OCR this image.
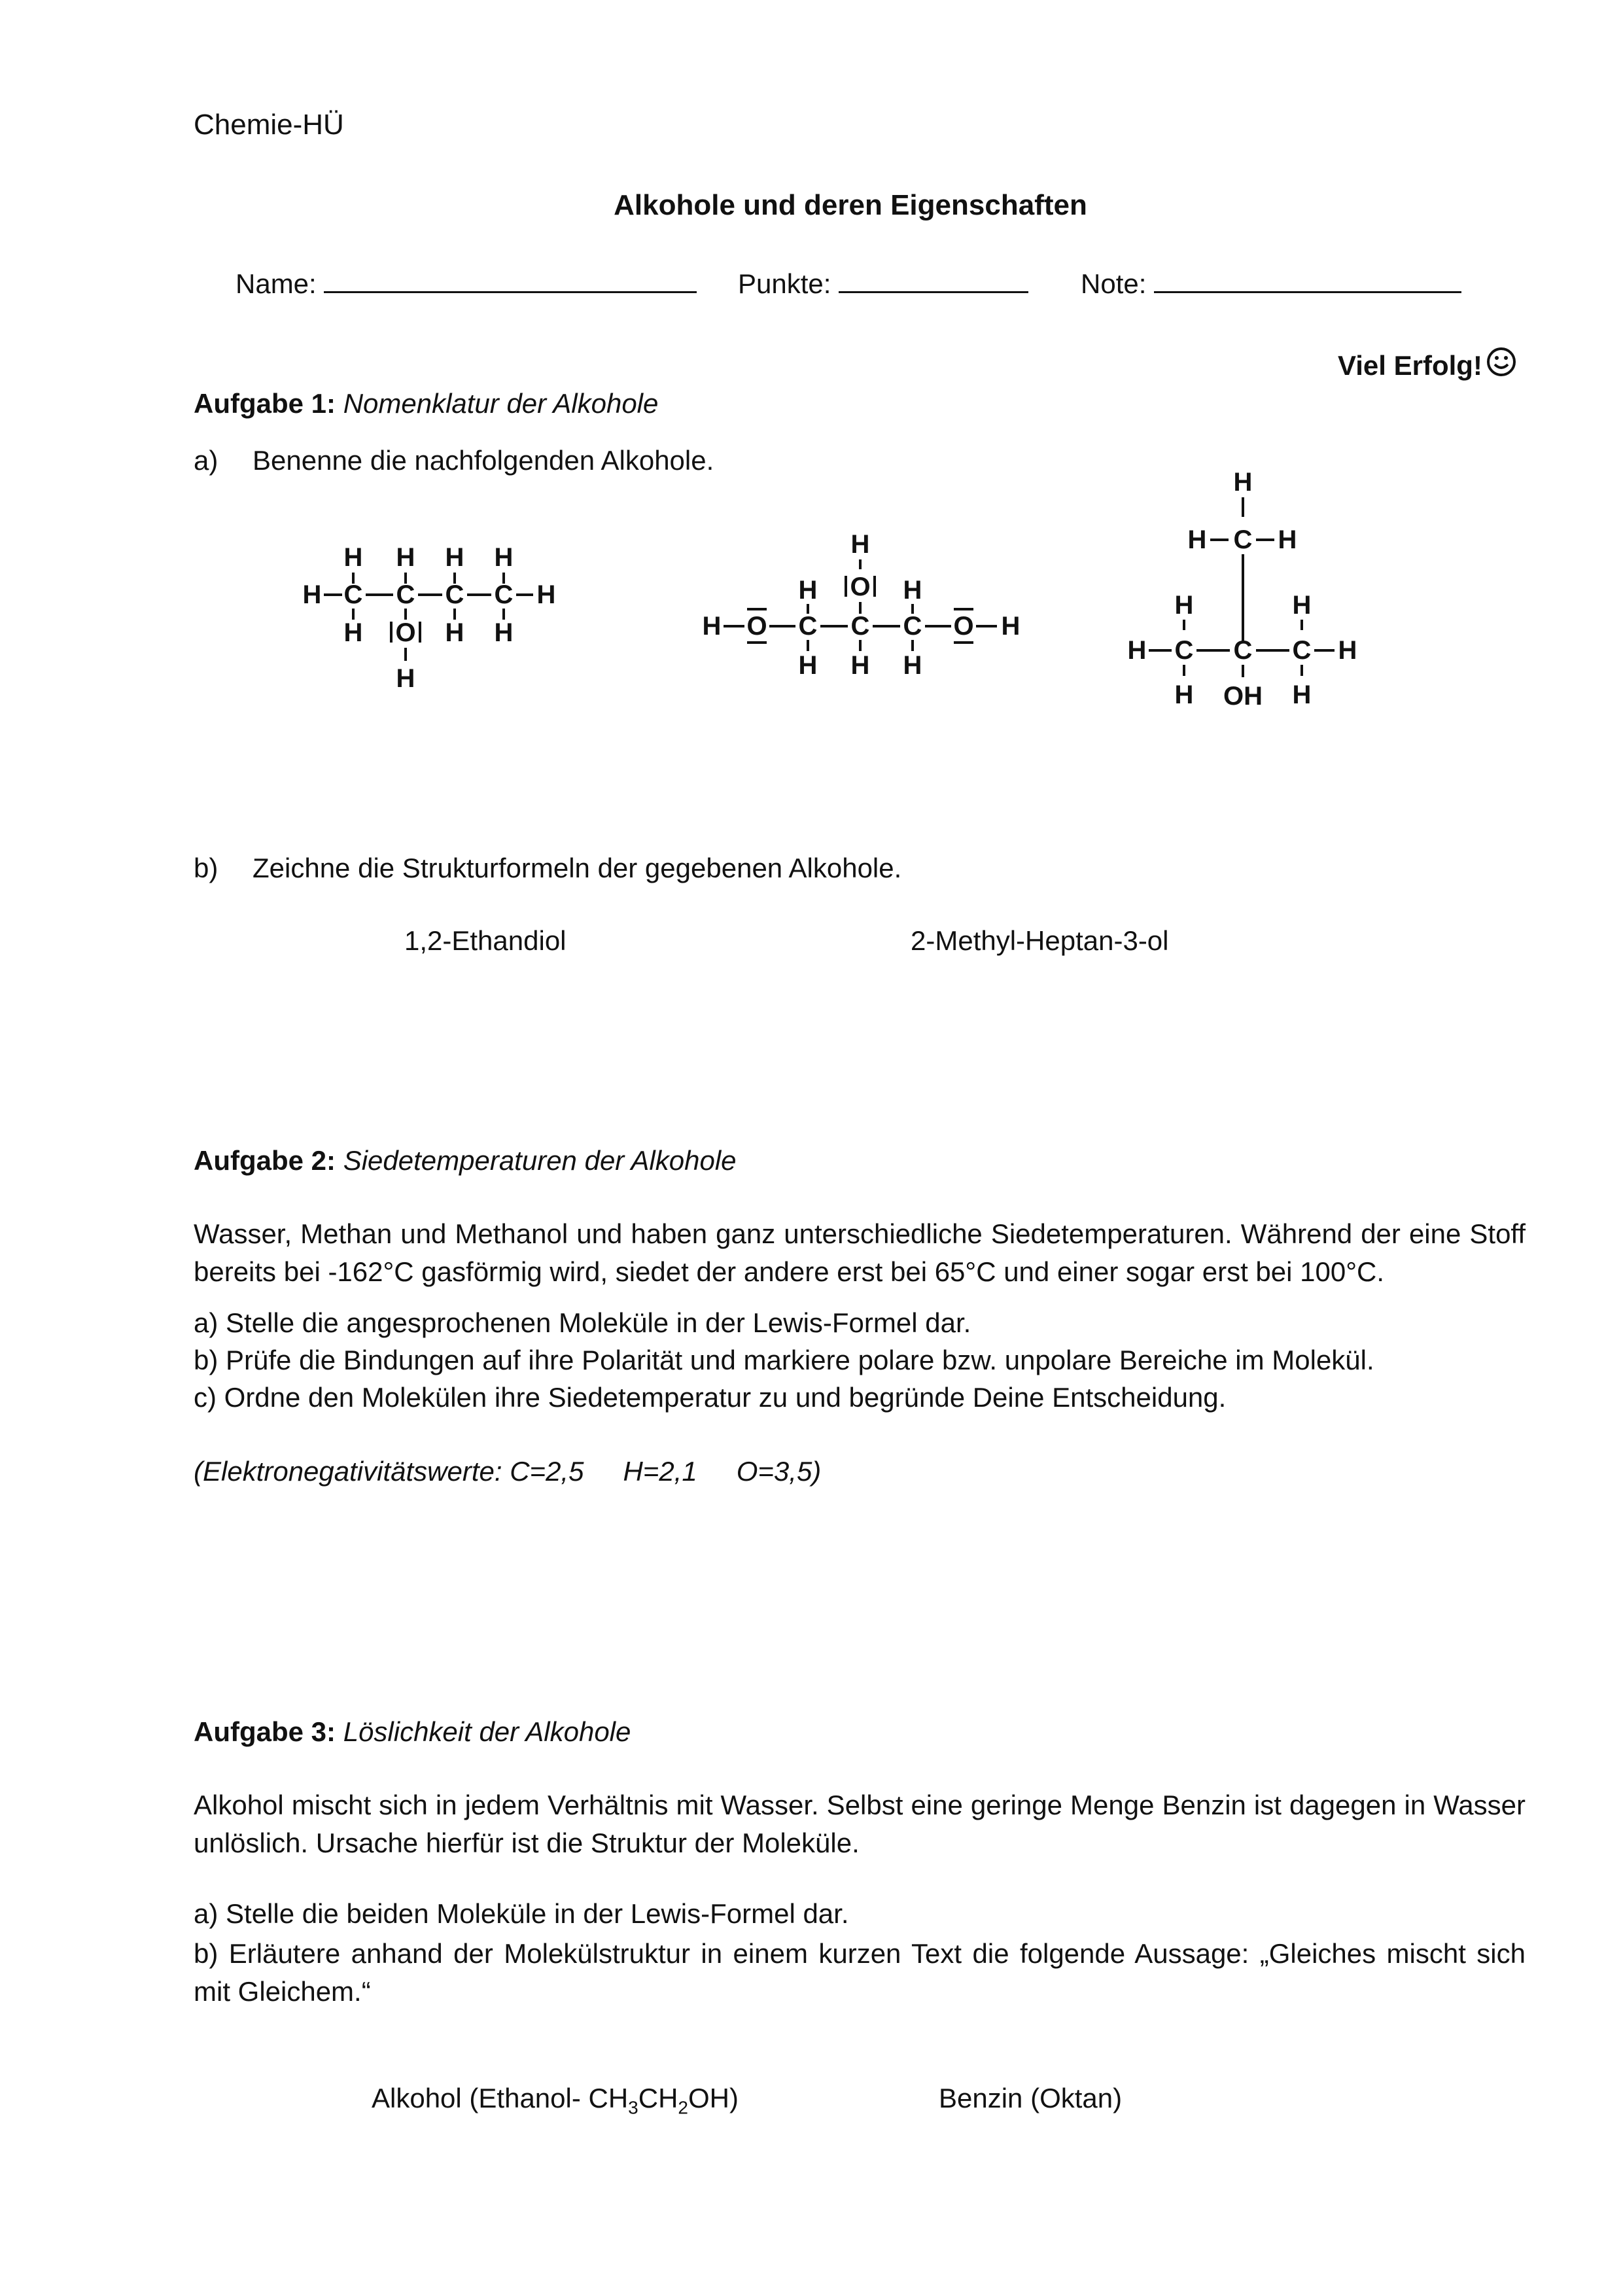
Chemie-HÜ
Alkohole und deren Eigenschaften
Name:	Punkte:	Note:
Viel Erfolg!
Aufgabe 1: Nomenklatur der Alkohole
a) Benenne die nachfolgenden Alkohole.
H H H H
H C C C C H
H O H H
H
H
O
H	H
H O C C C O H
H H H
H
H C H
H	H
H C C C H
H	H
OH
b) Zeichne die Strukturformeln der gegebenen Alkohole.
1,2-Ethandiol	2-Methyl-Heptan-3-ol
Aufgabe 2: Siedetemperaturen der Alkohole
Wasser, Methan und Methanol und haben ganz unterschiedliche Siedetemperaturen. Während der eine Stoff bereits bei -162°C gasförmig wird, siedet der andere erst bei 65°C und einer sogar erst bei 100°C.
a) Stelle die angesprochenen Moleküle in der Lewis-Formel dar.
b) Prüfe die Bindungen auf ihre Polarität und markiere polare bzw. unpolare Bereiche im Molekül.
c) Ordne den Molekülen ihre Siedetemperatur zu und begründe Deine Entscheidung.
(Elektronegativitätswerte: C=2,5 H=2,1 O=3,5)
Aufgabe 3: Löslichkeit der Alkohole
Alkohol mischt sich in jedem Verhältnis mit Wasser. Selbst eine geringe Menge Benzin ist dagegen in Wasser unlöslich. Ursache hierfür ist die Struktur der Moleküle.
a) Stelle die beiden Moleküle in der Lewis-Formel dar.
b) Erläutere anhand der Molekülstruktur in einem kurzen Text die folgende Aussage: „Gleiches mischt sich mit Gleichem.“
Alkohol (Ethanol- $CH_3CH_2OH$)	Benzin (Oktan)
